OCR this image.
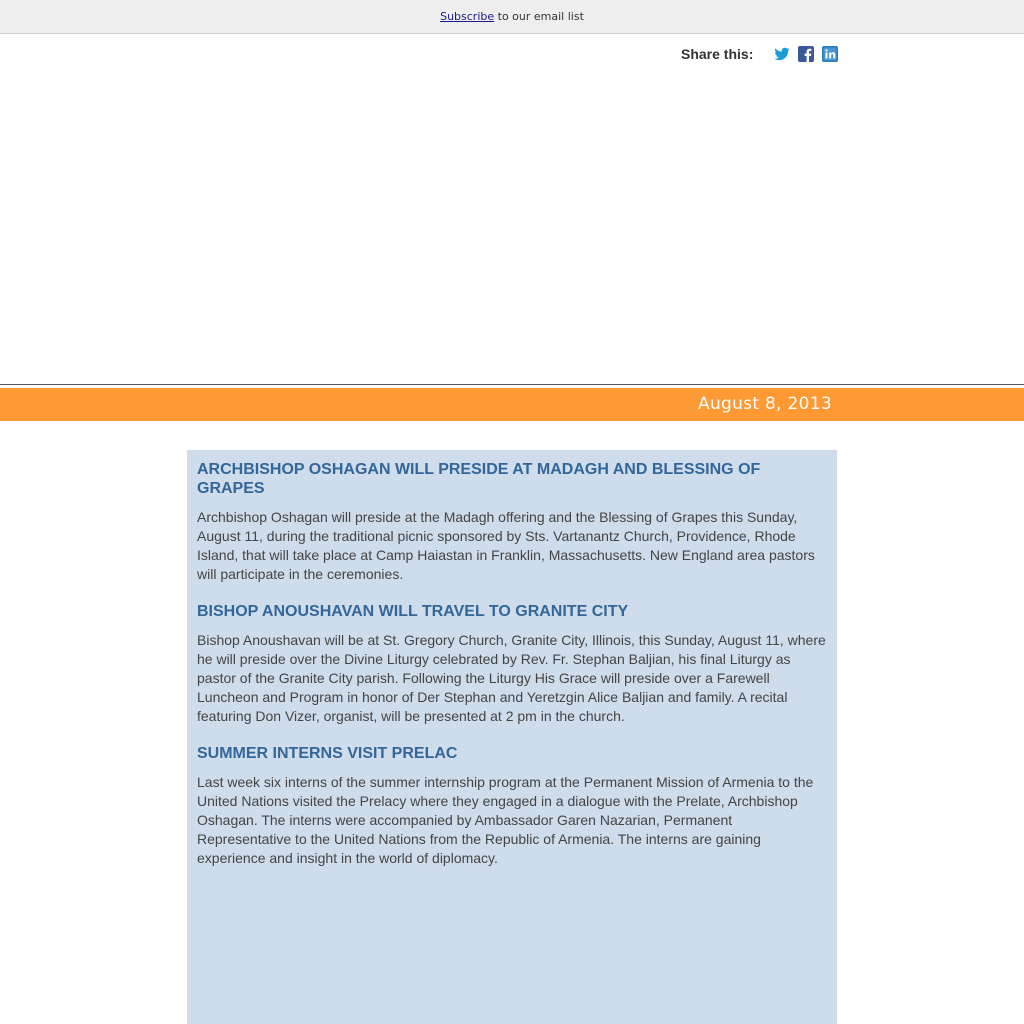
Subscribe to our email list
Share this:
August 8, 2013
ARCHBISHOP OSHAGAN WILL PRESIDE AT MADAGH AND BLESSING OF GRAPES

Archbishop Oshagan will preside at the Madagh offering and the Blessing of Grapes this Sunday, August 11, during the traditional picnic sponsored by Sts. Vartanantz Church, Providence, Rhode Island, that will take place at Camp Haiastan in Franklin, Massachusetts. New England area pastors will participate in the ceremonies.

BISHOP ANOUSHAVAN WILL TRAVEL TO GRANITE CITY

Bishop Anoushavan will be at St. Gregory Church, Granite City, Illinois, this Sunday, August 11, where he will preside over the Divine Liturgy celebrated by Rev. Fr. Stephan Baljian, his final Liturgy as pastor of the Granite City parish. Following the Liturgy His Grace will preside over a Farewell Luncheon and Program in honor of Der Stephan and Yeretzgin Alice Baljian and family. A recital featuring Don Vizer, organist, will be presented at 2 pm in the church.

SUMMER INTERNS VISIT PRELAC

Last week six interns of the summer internship program at the Permanent Mission of Armenia to the United Nations visited the Prelacy where they engaged in a dialogue with the Prelate, Archbishop Oshagan. The interns were accompanied by Ambassador Garen Nazarian, Permanent Representative to the United Nations from the Republic of Armenia. The interns are gaining experience and insight in the world of diplomacy.
